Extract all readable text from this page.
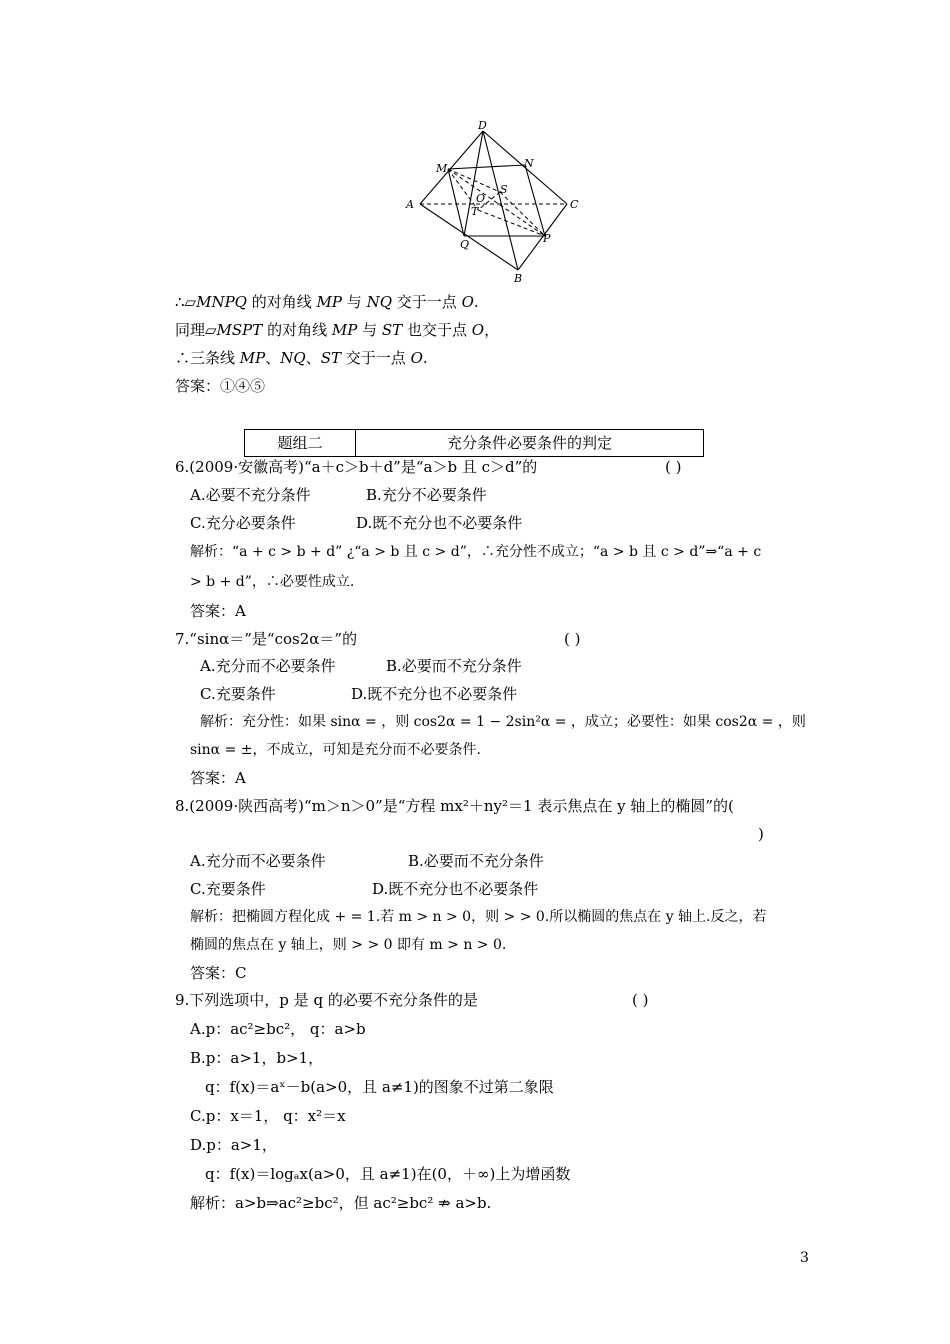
D
M	N
A	C
S
O
T
Q	P
B
∴▱MNPQ 的对角线 MP 与 NQ 交于一点 O.
同理▱MSPT 的对角线 MP 与 ST 也交于点 O，
∴三条线 MP、NQ、ST 交于一点 O.
答案：①④⑤
题组二	充分条件必要条件的判定
6.(2009·安徽高考)“a＋c＞b＋d”是“a＞b 且 c＞d”的	( )
A.必要不充分条件	B.充分不必要条件
C.充分必要条件	D.既不充分也不必要条件
解析：“a + c > b + d” ¿“a > b 且 c > d”，∴充分性不成立；“a > b 且 c > d”⇒“a + c
> b + d”，∴必要性成立.
答案：A
7.“sinα＝”是“cos2α＝”的	( )
A.充分而不必要条件	B.必要而不充分条件
C.充要条件	D.既不充分也不必要条件
解析：充分性：如果 sinα = ，则 cos2α = 1 − 2sin²α = ，成立；必要性：如果 cos2α = ，则
sinα = ±，不成立，可知是充分而不必要条件.
答案：A
8.(2009·陕西高考)“m＞n＞0”是“方程 mx²＋ny²＝1 表示焦点在 y 轴上的椭圆”的(
)
A.充分而不必要条件	B.必要而不充分条件
C.充要条件	D.既不充分也不必要条件
解析：把椭圆方程化成 + = 1.若 m > n > 0，则 > > 0.所以椭圆的焦点在 y 轴上.反之，若
椭圆的焦点在 y 轴上，则 > > 0 即有 m > n > 0.
答案：C
9.下列选项中，p 是 q 的必要不充分条件的是	( )
A.p：ac²≥bc²， q：a>b
B.p：a>1，b>1，
q：f(x)＝aˣ－b(a>0，且 a≠1)的图象不过第二象限
C.p：x＝1， q：x²＝x
D.p：a>1，
q：f(x)＝logₐx(a>0，且 a≠1)在(0，＋∞)上为增函数
解析：a>b⇒ac²≥bc²，但 ac²≥bc² ⇏ a>b.
3
